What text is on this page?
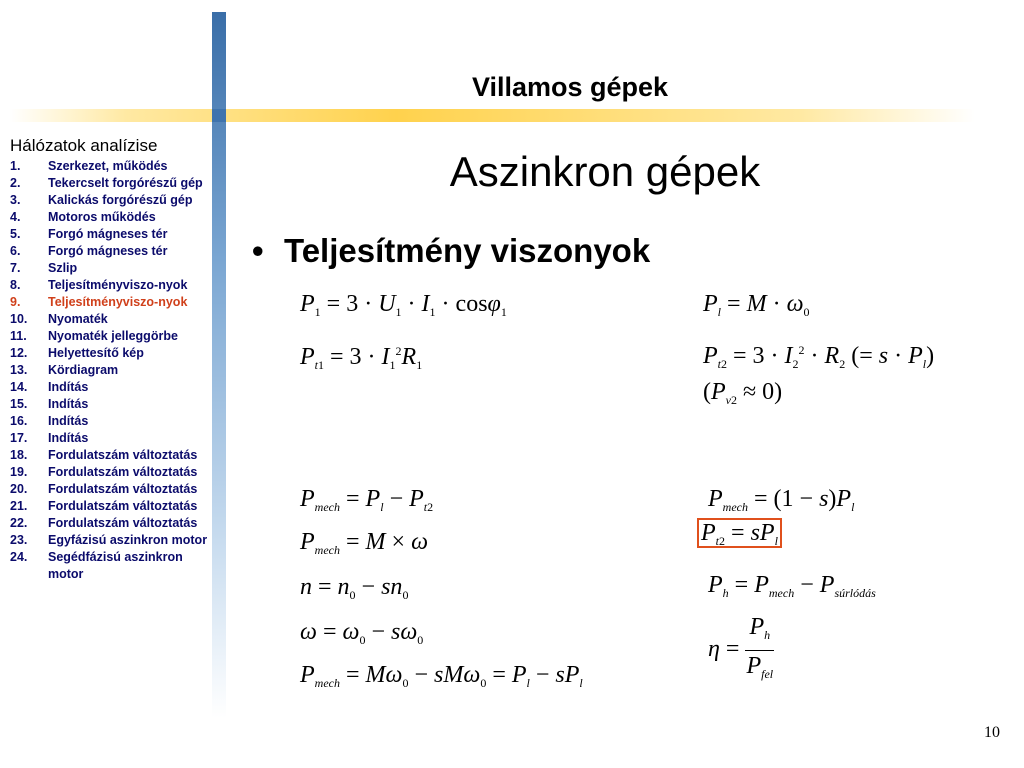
Villamos gépek
Aszinkron gépek
• Teljesítmény viszonyok
Hálózatok analízise
1.	Szerkezet, működés
2.	Tekercselt forgórészű gép
3.	Kalickás forgórészű gép
4.	Motoros működés
5.	Forgó mágneses tér
6.	Forgó mágneses tér
7.	Szlip
8.	Teljesítményviszo-nyok
9.	Teljesítményviszo-nyok
10.	Nyomaték
11.	Nyomaték jelleggörbe
12.	Helyettesítő kép
13.	Kördiagram
14.	Indítás
15.	Indítás
16.	Indítás
17.	Indítás
18.	Fordulatszám változtatás
19.	Fordulatszám változtatás
20.	Fordulatszám változtatás
21.	Fordulatszám változtatás
22.	Fordulatszám változtatás
23.	Egyfázisú aszinkron motor
24.	Segédfázisú aszinkron motor
$P_1 = 3 \cdot U_1 \cdot I_1 \cdot \cos\varphi_1$
$P_{t1} = 3 \cdot I_1^2R_1$
$P_l = M \cdot \omega_0$
$P_{t2} = 3 \cdot I_2^2 \cdot R_2$ (= $s \cdot P_l$)
$(P_{v2} \approx 0)$
$P_{mech} = P_l - P_{t2}$
$P_{mech} = M \times \omega$
$n = n_0 - sn_0$
$\omega = \omega_0 - s\omega_0$
$P_{mech} = M\omega_0 - sM\omega_0 = P_l - sP_l$
$P_{mech} = (1 - s)P_l$
$P_{t2} = sP_l$
$P_h = P_{mech} - P_{súrlódás}$
$\eta = \frac{P_h}{P_{fel}}$
10
